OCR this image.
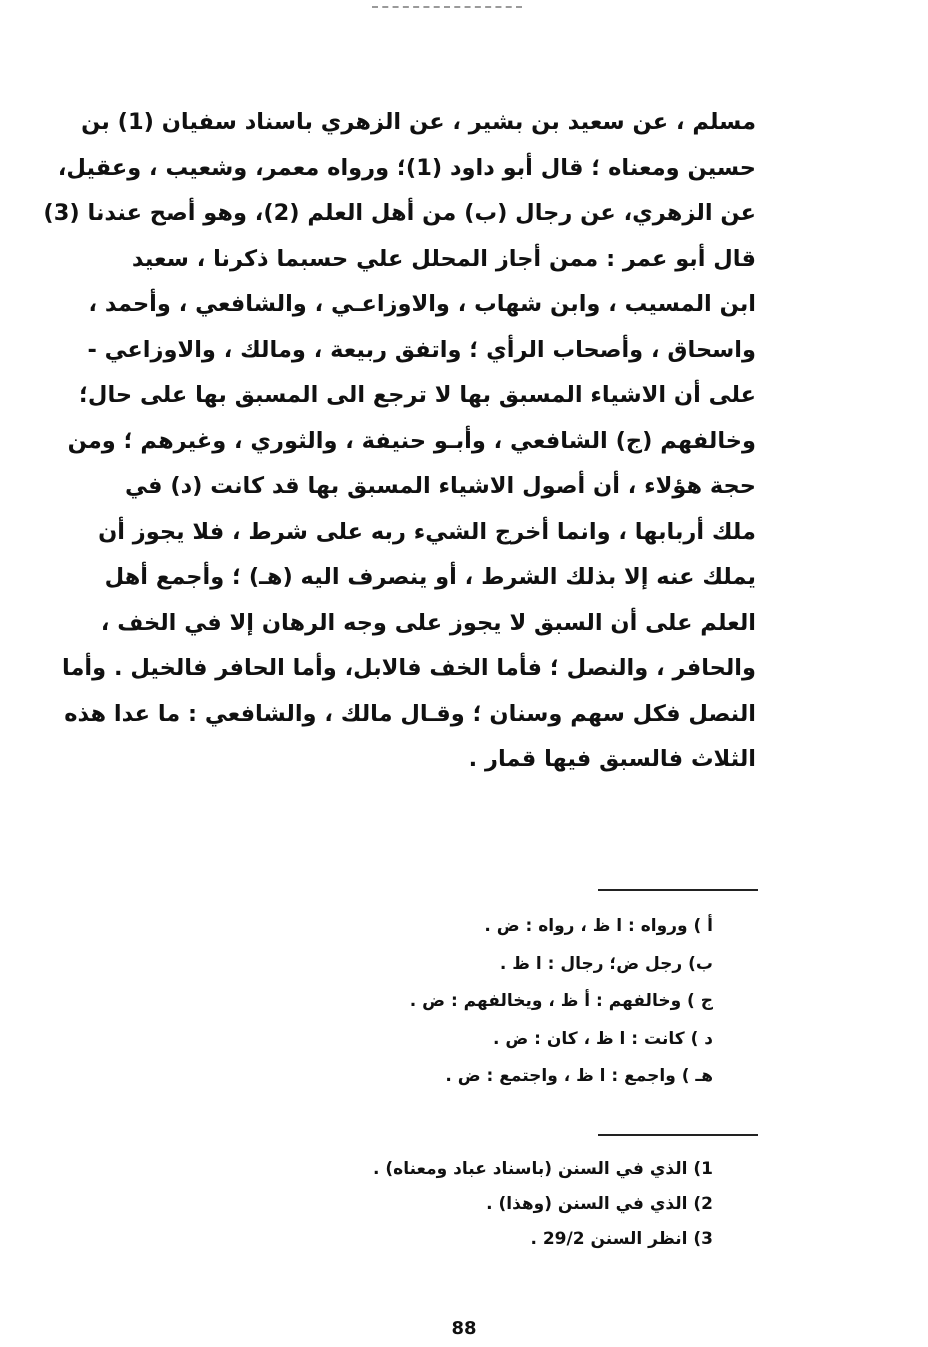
مسلم ، عن سعيد بن بشير ، عن الزهري باسناد سفيان (1) بن
حسين ومعناه ؛ قال أبو داود (1)؛ ورواه معمر، وشعيب ، وعقيل،
عن الزهري، عن رجال (ب) من أهل العلم (2)، وهو أصح عندنا (3)
قال أبو عمر : ممن أجاز المحلل علي حسبما ذكرنا ، سعيد
ابن المسيب ، وابن شهاب ، والاوزاعـي ، والشافعي ، وأحمد ،
واسحاق ، وأصحاب الرأي ؛ واتفق ربيعة ، ومالك ، والاوزاعي -
على أن الاشياء المسبق بها لا ترجع الى المسبق بها على حال؛
وخالفهم (ج) الشافعي ، وأبـو حنيفة ، والثوري ، وغيرهم ؛ ومن
حجة هؤلاء ، أن أصول الاشياء المسبق بها قد كانت (د) في
ملك أربابها ، وانما أخرج الشيء ربه على شرط ، فلا يجوز أن
يملك عنه إلا بذلك الشرط ، أو ينصرف اليه (هـ) ؛ وأجمع أهل
العلم على أن السبق لا يجوز على وجه الرهان إلا في الخف ،
والحافر ، والنصل ؛ فأما الخف فالابل، وأما الحافر فالخيل . وأما
النصل فكل سهم وسنان ؛ وقـال مالك ، والشافعي : ما عدا هذه
الثلاث فالسبق فيها قمار .
أ ) ورواه : ا ظ ، رواه : ض .
ب) رجل ض؛ رجال : ا ظ .
ج ) وخالفهم : أ ظ ، ويخالفهم : ض .
د ) كانت : ا ظ ، كان : ض .
هـ ) واجمع : ا ظ ، واجتمع : ض .
1) الذي في السنن (باسناد عباد ومعناه) .
2) الذي في السنن (وهذا) .
3) انظر السنن 29/2 .
88
